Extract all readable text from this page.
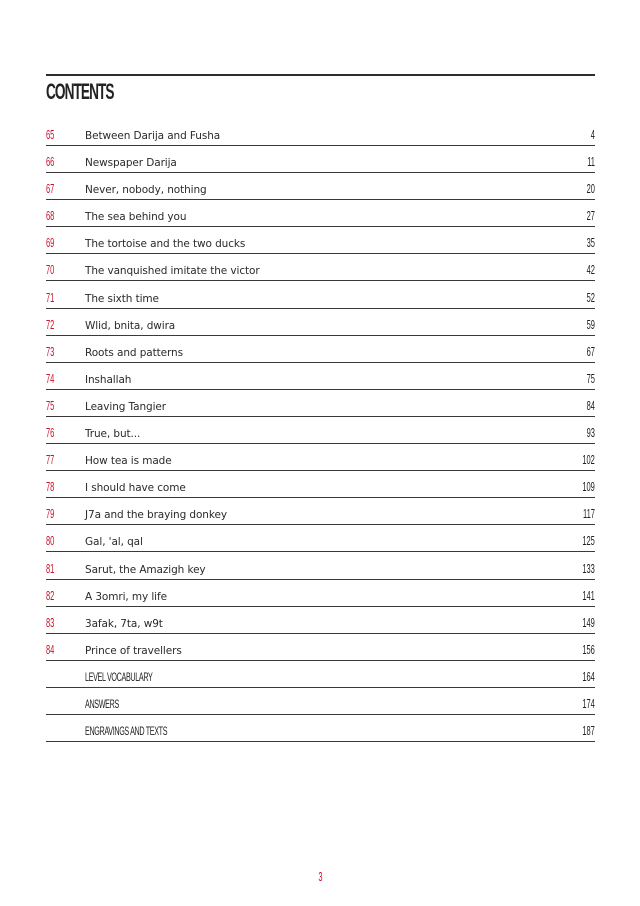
CONTENTS
65	Between Darija and Fusha	4
66	Newspaper Darija	11
67	Never, nobody, nothing	20
68	The sea behind you	27
69	The tortoise and the two ducks	35
70	The vanquished imitate the victor	42
71	The sixth time	52
72	Wlid, bnita, dwira	59
73	Roots and patterns	67
74	Inshallah	75
75	Leaving Tangier	84
76	True, but...	93
77	How tea is made	102
78	I should have come	109
79	J7a and the braying donkey	117
80	Gal, 'al, qal	125
81	Sarut, the Amazigh key	133
82	A 3omri, my life	141
83	3afak, 7ta, w9t	149
84	Prince of travellers	156
LEVEL VOCABULARY	164
ANSWERS	174
ENGRAVINGS AND TEXTS	187
3
